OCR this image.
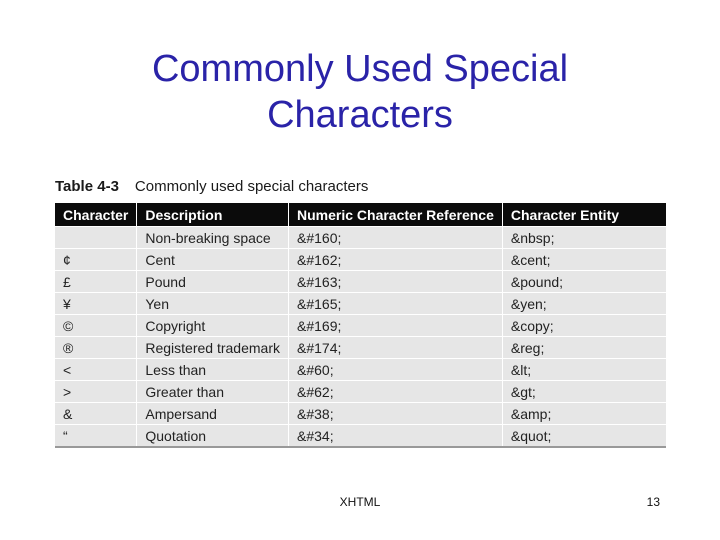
Commonly Used Special
Characters
Table 4-3 Commonly used special characters
Character	Description	Numeric Character Reference	Character Entity
	Non-breaking space	&#160;	&nbsp;
¢	Cent	&#162;	&cent;
£	Pound	&#163;	&pound;
¥	Yen	&#165;	&yen;
©	Copyright	&#169;	&copy;
®	Registered trademark	&#174;	&reg;
<	Less than	&#60;	&lt;
>	Greater than	&#62;	&gt;
&	Ampersand	&#38;	&amp;
“	Quotation	&#34;	&quot;
XHTML	13
